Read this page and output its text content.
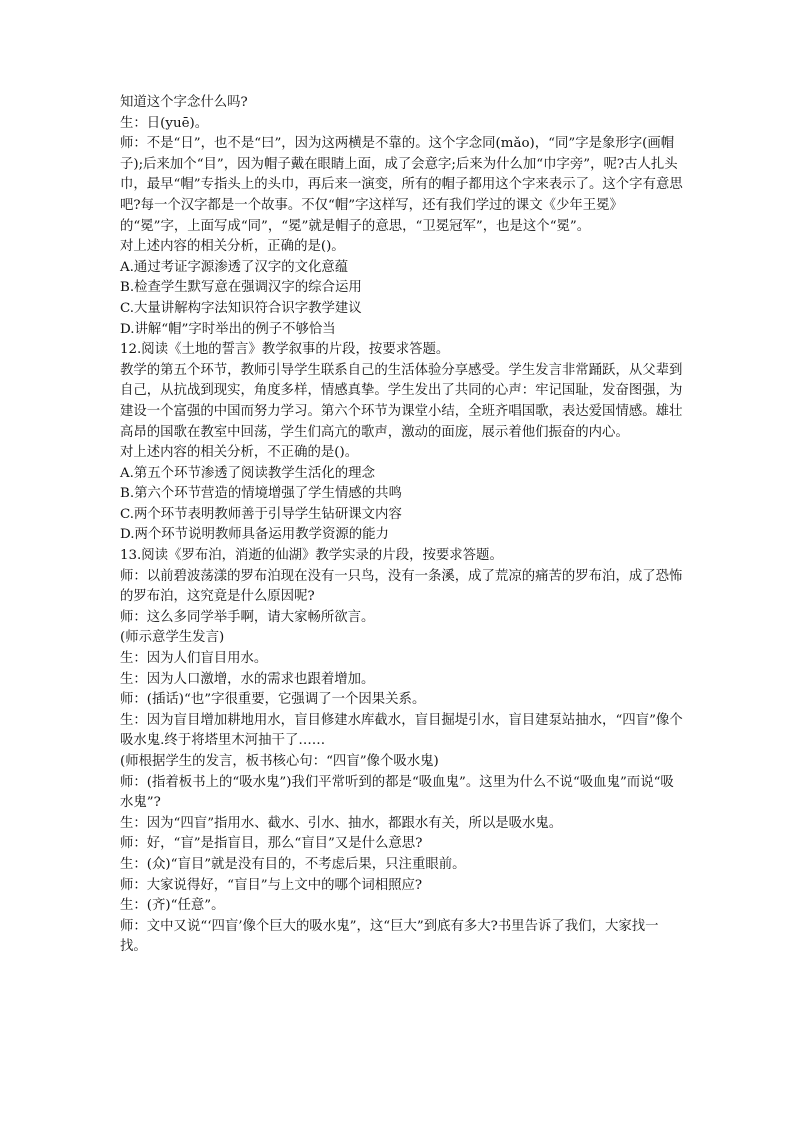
知道这个字念什么吗?

生：日(yuē)。

师：不是“日”，也不是“曰”，因为这两横是不靠的。这个字念同(mǎo)，“同”字是象形字(画帽子);后来加个“目”，因为帽子戴在眼睛上面，成了会意字;后来为什么加“巾字旁”，呢?古人扎头巾，最早“帽”专指头上的头巾，再后来一演变，所有的帽子都用这个字来表示了。这个字有意思吧?每一个汉字都是一个故事。不仅“帽”字这样写，还有我们学过的课文《少年王冕》的“冕”字，上面写成“同”，“冕”就是帽子的意思，“卫冕冠军”，也是这个“冕”。

对上述内容的相关分析，正确的是()。

A.通过考证字源渗透了汉字的文化意蕴

B.检查学生默写意在强调汉字的综合运用

C.大量讲解构字法知识符合识字教学建议

D.讲解“帽”字时举出的例子不够恰当

12.阅读《土地的誓言》教学叙事的片段，按要求答题。

教学的第五个环节，教师引导学生联系自己的生活体验分享感受。学生发言非常踊跃，从父辈到自己，从抗战到现实，角度多样，情感真挚。学生发出了共同的心声：牢记国耻，发奋图强，为建设一个富强的中国而努力学习。第六个环节为课堂小结，全班齐唱国歌，表达爱国情感。雄壮高昂的国歌在教室中回荡，学生们高亢的歌声，激动的面庞，展示着他们振奋的内心。

对上述内容的相关分析，不正确的是()。

A.第五个环节渗透了阅读教学生活化的理念

B.第六个环节营造的情境增强了学生情感的共鸣

C.两个环节表明教师善于引导学生钻研课文内容

D.两个环节说明教师具备运用教学资源的能力

13.阅读《罗布泊，消逝的仙湖》教学实录的片段，按要求答题。

师：以前碧波荡漾的罗布泊现在没有一只鸟，没有一条溪，成了荒凉的痛苦的罗布泊，成了恐怖的罗布泊，这究竟是什么原因呢?

师：这么多同学举手啊，请大家畅所欲言。

(师示意学生发言)

生：因为人们盲目用水。

生：因为人口激增，水的需求也跟着增加。

师：(插话)“也”字很重要，它强调了一个因果关系。

生：因为盲目增加耕地用水，盲目修建水库截水，盲目掘堤引水，盲目建泵站抽水，“四盲”像个吸水鬼.终于将塔里木河抽干了……

(师根据学生的发言，板书核心句：“四盲”像个吸水鬼)

师：(指着板书上的“吸水鬼”)我们平常听到的都是“吸血鬼”。这里为什么不说“吸血鬼”而说“吸水鬼”?

生：因为“四盲”指用水、截水、引水、抽水，都跟水有关，所以是吸水鬼。

师：好，“盲”是指盲目，那么“盲目”又是什么意思?

生：(众)“盲目”就是没有目的，不考虑后果，只注重眼前。

师：大家说得好，“盲目”与上文中的哪个词相照应?

生：(齐)“任意”。

师：文中又说“‘四盲’像个巨大的吸水鬼”，这“巨大”到底有多大?书里告诉了我们，大家找一找。
